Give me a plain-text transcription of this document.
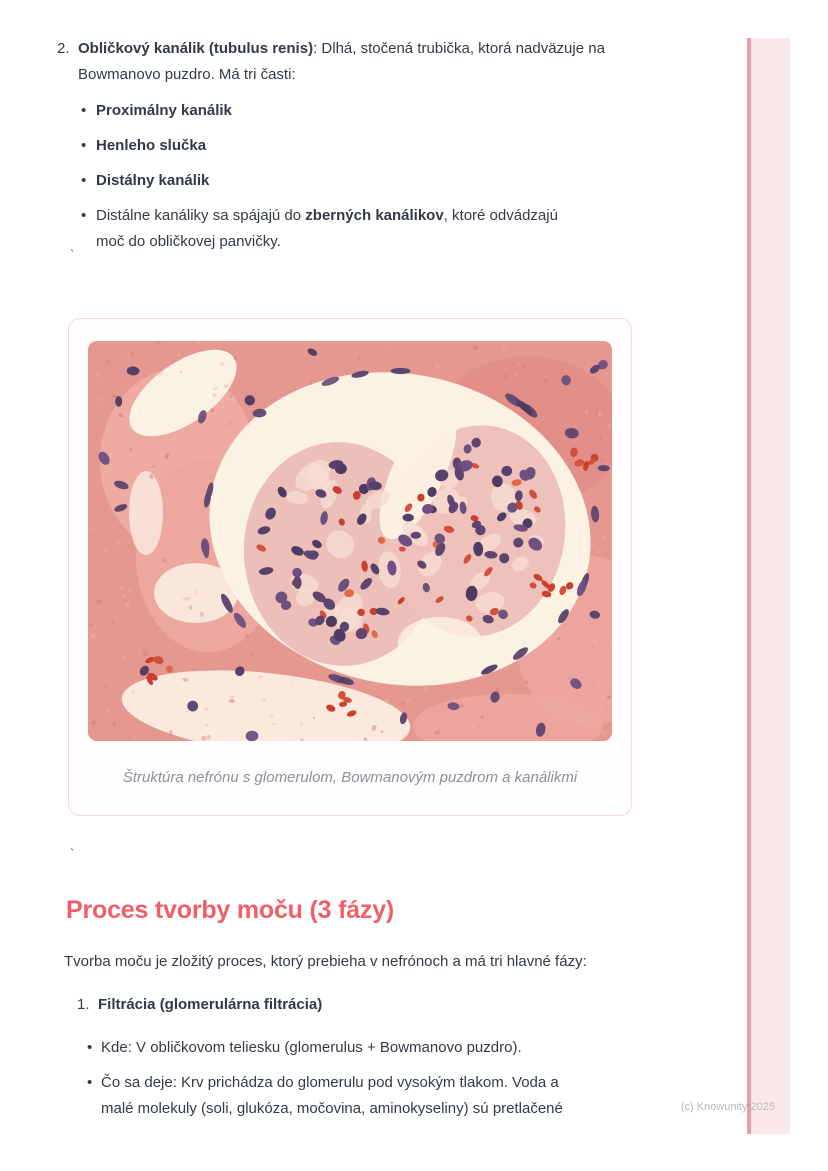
2. Obličkový kanálik (tubulus renis): Dlhá, stočená trubička, ktorá nadväzuje na Bowmanovo puzdro. Má tri časti:
• Proximálny kanálik
• Henleho slučka
• Distálny kanálik
• Distálne kanáliky sa spájajú do zberných kanálikov, ktoré odvádzajú moč do obličkovej panvičky.
`
Štruktúra nefrónu s glomerulom, Bowmanovým puzdrom a kanálikmi
`
Proces tvorby moču (3 fázy)

Tvorba moču je zložitý proces, ktorý prebieha v nefrónoch a má tri hlavné fázy:

1. Filtrácia (glomerulárna filtrácia)
• Kde: V obličkovom teliesku (glomerulus + Bowmanovo puzdro).
• Čo sa deje: Krv prichádza do glomerulu pod vysokým tlakom. Voda a malé molekuly (soli, glukóza, močovina, aminokyseliny) sú pretlačené	(c) Knowunity 2025
